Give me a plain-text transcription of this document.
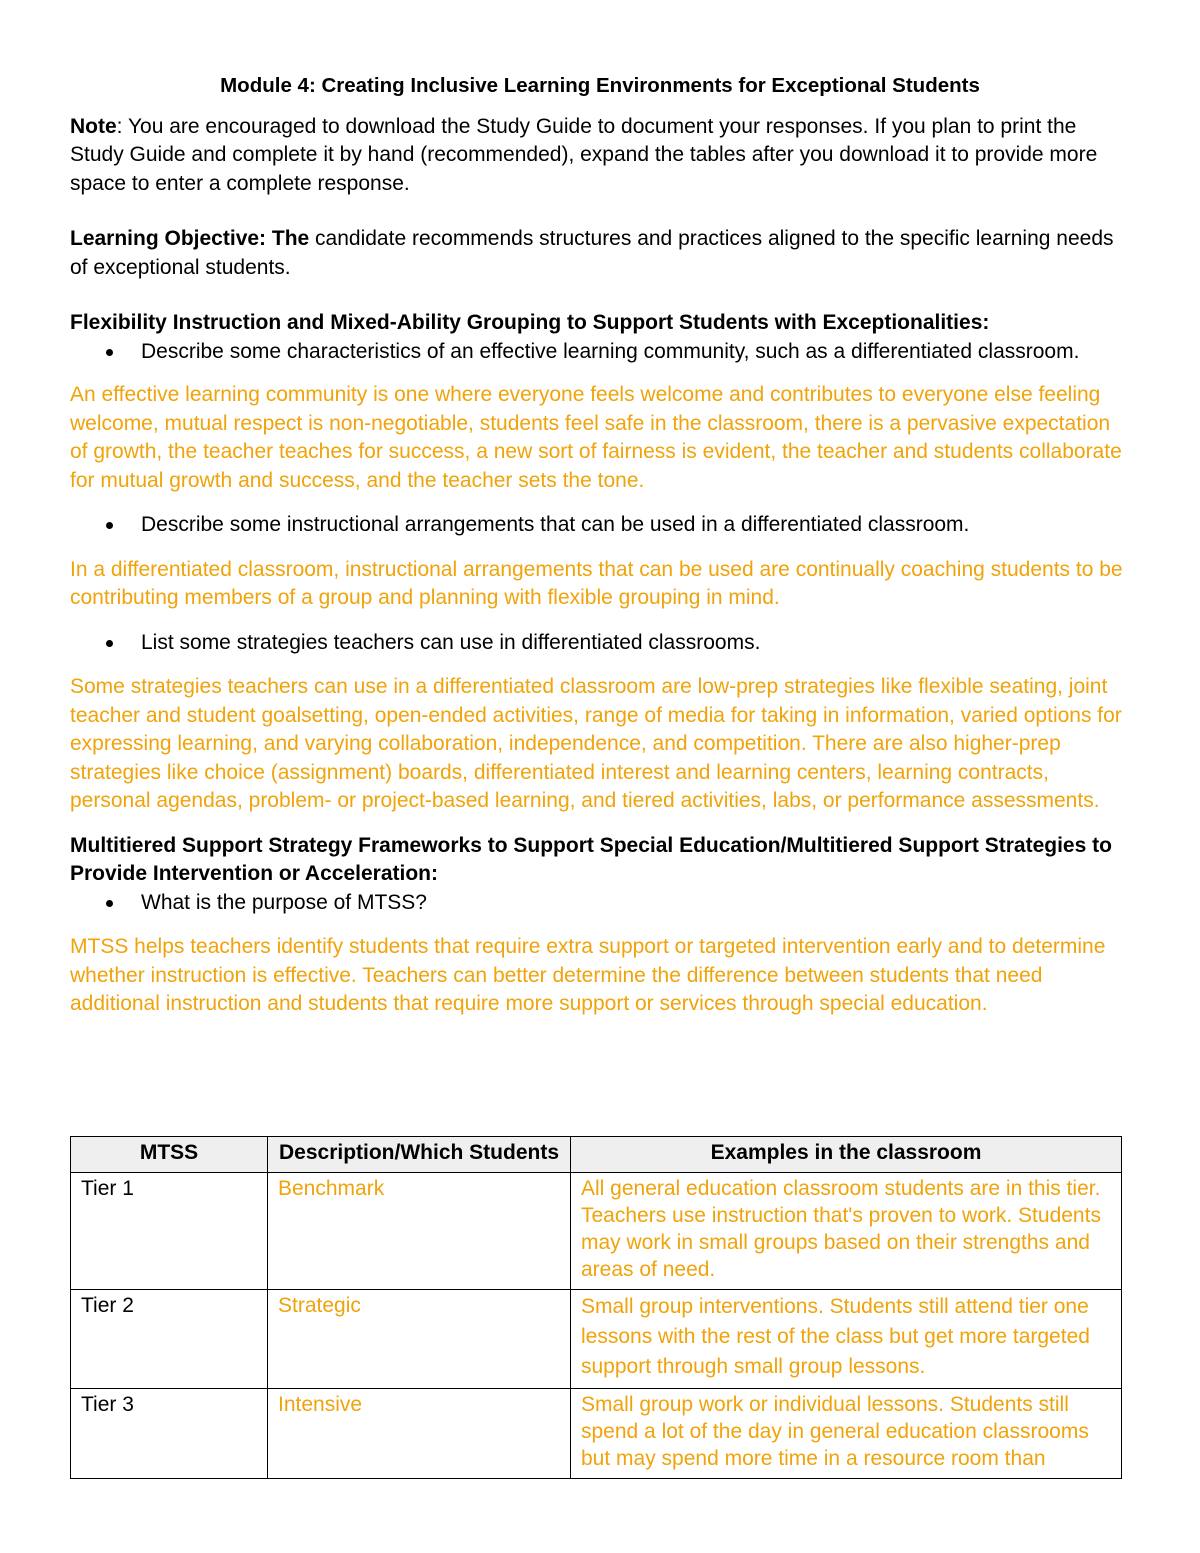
Module 4: Creating Inclusive Learning Environments for Exceptional Students

Note: You are encouraged to download the Study Guide to document your responses. If you plan to print the Study Guide and complete it by hand (recommended), expand the tables after you download it to provide more space to enter a complete response.

Learning Objective: The candidate recommends structures and practices aligned to the specific learning needs of exceptional students.

Flexibility Instruction and Mixed-Ability Grouping to Support Students with Exceptionalities:

Describe some characteristics of an effective learning community, such as a differentiated classroom.

An effective learning community is one where everyone feels welcome and contributes to everyone else feeling welcome, mutual respect is non-negotiable, students feel safe in the classroom, there is a pervasive expectation of growth, the teacher teaches for success, a new sort of fairness is evident, the teacher and students collaborate for mutual growth and success, and the teacher sets the tone.

Describe some instructional arrangements that can be used in a differentiated classroom.

In a differentiated classroom, instructional arrangements that can be used are continually coaching students to be contributing members of a group and planning with flexible grouping in mind.

List some strategies teachers can use in differentiated classrooms.

Some strategies teachers can use in a differentiated classroom are low-prep strategies like flexible seating, joint teacher and student goalsetting, open-ended activities, range of media for taking in information, varied options for expressing learning, and varying collaboration, independence, and competition. There are also higher-prep strategies like choice (assignment) boards, differentiated interest and learning centers, learning contracts, personal agendas, problem- or project-based learning, and tiered activities, labs, or performance assessments.

Multitiered Support Strategy Frameworks to Support Special Education/Multitiered Support Strategies to Provide Intervention or Acceleration:

What is the purpose of MTSS?

MTSS helps teachers identify students that require extra support or targeted intervention early and to determine whether instruction is effective. Teachers can better determine the difference between students that need additional instruction and students that require more support or services through special education.

MTSS	Description/Which Students	Examples in the classroom
Tier 1	Benchmark	All general education classroom students are in this tier. Teachers use instruction that's proven to work. Students may work in small groups based on their strengths and areas of need.
Tier 2	Strategic	Small group interventions. Students still attend tier one lessons with the rest of the class but get more targeted support through small group lessons.
Tier 3	Intensive	Small group work or individual lessons. Students still spend a lot of the day in general education classrooms but may spend more time in a resource room than
